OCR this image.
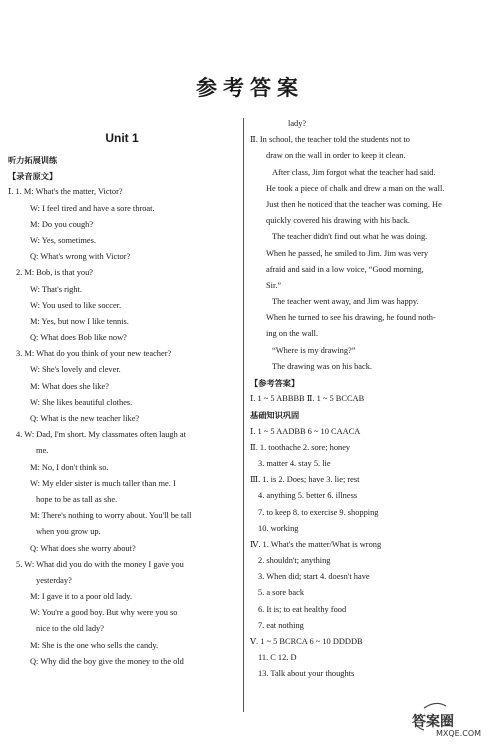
参考答案
Unit 1
听力拓展训练
【录音原文】
Ⅰ. 1. M: What's the matter, Victor?
W: I feel tired and have a sore throat.
M: Do you cough?
W: Yes, sometimes.
Q: What's wrong with Victor?
2. M: Bob, is that you?
W: That's right.
W: You used to like soccer.
M: Yes, but now I like tennis.
Q: What does Bob like now?
3. M: What do you think of your new teacher?
W: She's lovely and clever.
M: What does she like?
W: She likes beautiful clothes.
Q: What is the new teacher like?
4. W: Dad, I'm short. My classmates often laugh at
me.
M: No, I don't think so.
W: My elder sister is much taller than me. I
hope to be as tall as she.
M: There's nothing to worry about. You'll be tall
when you grow up.
Q: What does she worry about?
5. W: What did you do with the money I gave you
yesterday?
M: I gave it to a poor old lady.
W: You're a good boy. But why were you so
nice to the old lady?
M: She is the one who sells the candy.
Q: Why did the boy give the money to the old
lady?
Ⅱ. In school, the teacher told the students not to
draw on the wall in order to keep it clean.
After class, Jim forgot what the teacher had said.
He took a piece of chalk and drew a man on the wall.
Just then he noticed that the teacher was coming. He
quickly covered his drawing with his back.
The teacher didn't find out what he was doing.
When he passed, he smiled to Jim. Jim was very
afraid and said in a low voice, “Good morning,
Sir.”
The teacher went away, and Jim was happy.
When he turned to see his drawing, he found noth-
ing on the wall.
“Where is my drawing?”
The drawing was on his back.
【参考答案】
Ⅰ. 1 ~ 5 ABBBB Ⅱ. 1 ~ 5 BCCAB
基础知识巩固
Ⅰ. 1 ~ 5 AADBB 6 ~ 10 CAACA
Ⅱ. 1. toothache 2. sore; honey
3. matter 4. stay 5. lie
Ⅲ. 1. is 2. Does; have 3. lie; rest
4. anything 5. better 6. illness
7. to keep 8. to exercise 9. shopping
10. working
Ⅳ. 1. What's the matter/What is wrong
2. shouldn't; anything
3. When did; start 4. doesn't have
5. a sore back
6. It is; to eat healthy food
7. eat nothing
Ⅴ. 1 ~ 5 BCRCA 6 ~ 10 DDDDB
11. C 12. D
13. Talk about your thoughts
答案圈
MXQE.COM
